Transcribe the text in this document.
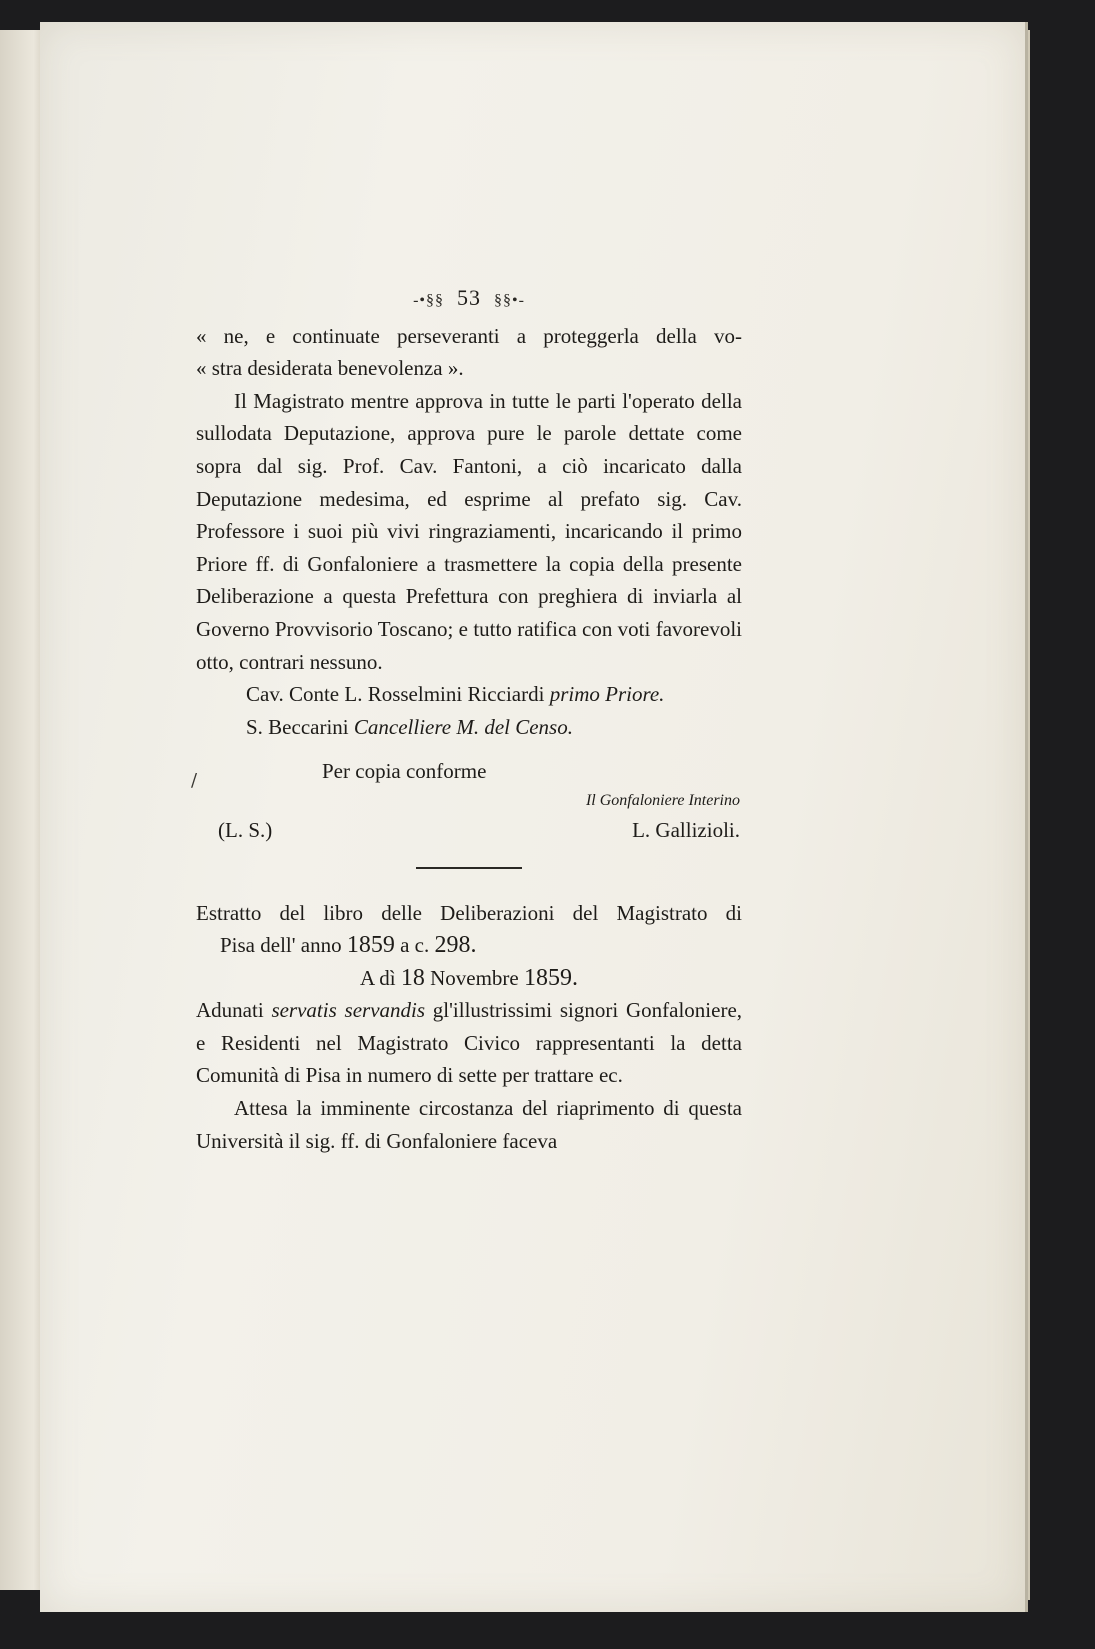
/
-•§§ 53 §§•-
« ne, e continuate perseveranti a proteggerla della vo-
« stra desiderata benevolenza ».
Il Magistrato mentre approva in tutte le parti l'operato della sullodata Deputazione, approva pure le parole dettate come sopra dal sig. Prof. Cav. Fantoni, a ciò incaricato dalla Deputazione medesima, ed esprime al prefato sig. Cav. Professore i suoi più vivi ringraziamenti, incaricando il primo Priore ff. di Gonfaloniere a trasmettere la copia della presente Deliberazione a questa Prefettura con preghiera di inviarla al Governo Provvisorio Toscano; e tutto ratifica con voti favorevoli otto, contrari nessuno.
Cav. Conte L. Rosselmini Ricciardi primo Priore.
S. Beccarini Cancelliere M. del Censo.
Per copia conforme
Il Gonfaloniere Interino
(L. S.)	L. Gallizioli.
Estratto del libro delle Deliberazioni del Magistrato di
Pisa dell' anno 1859 a c. 298.
A dì 18 Novembre 1859.
Adunati servatis servandis gl'illustrissimi signori Gonfaloniere, e Residenti nel Magistrato Civico rappresentanti la detta Comunità di Pisa in numero di sette per trattare ec.
Attesa la imminente circostanza del riaprimento di questa Università il sig. ff. di Gonfaloniere faceva
